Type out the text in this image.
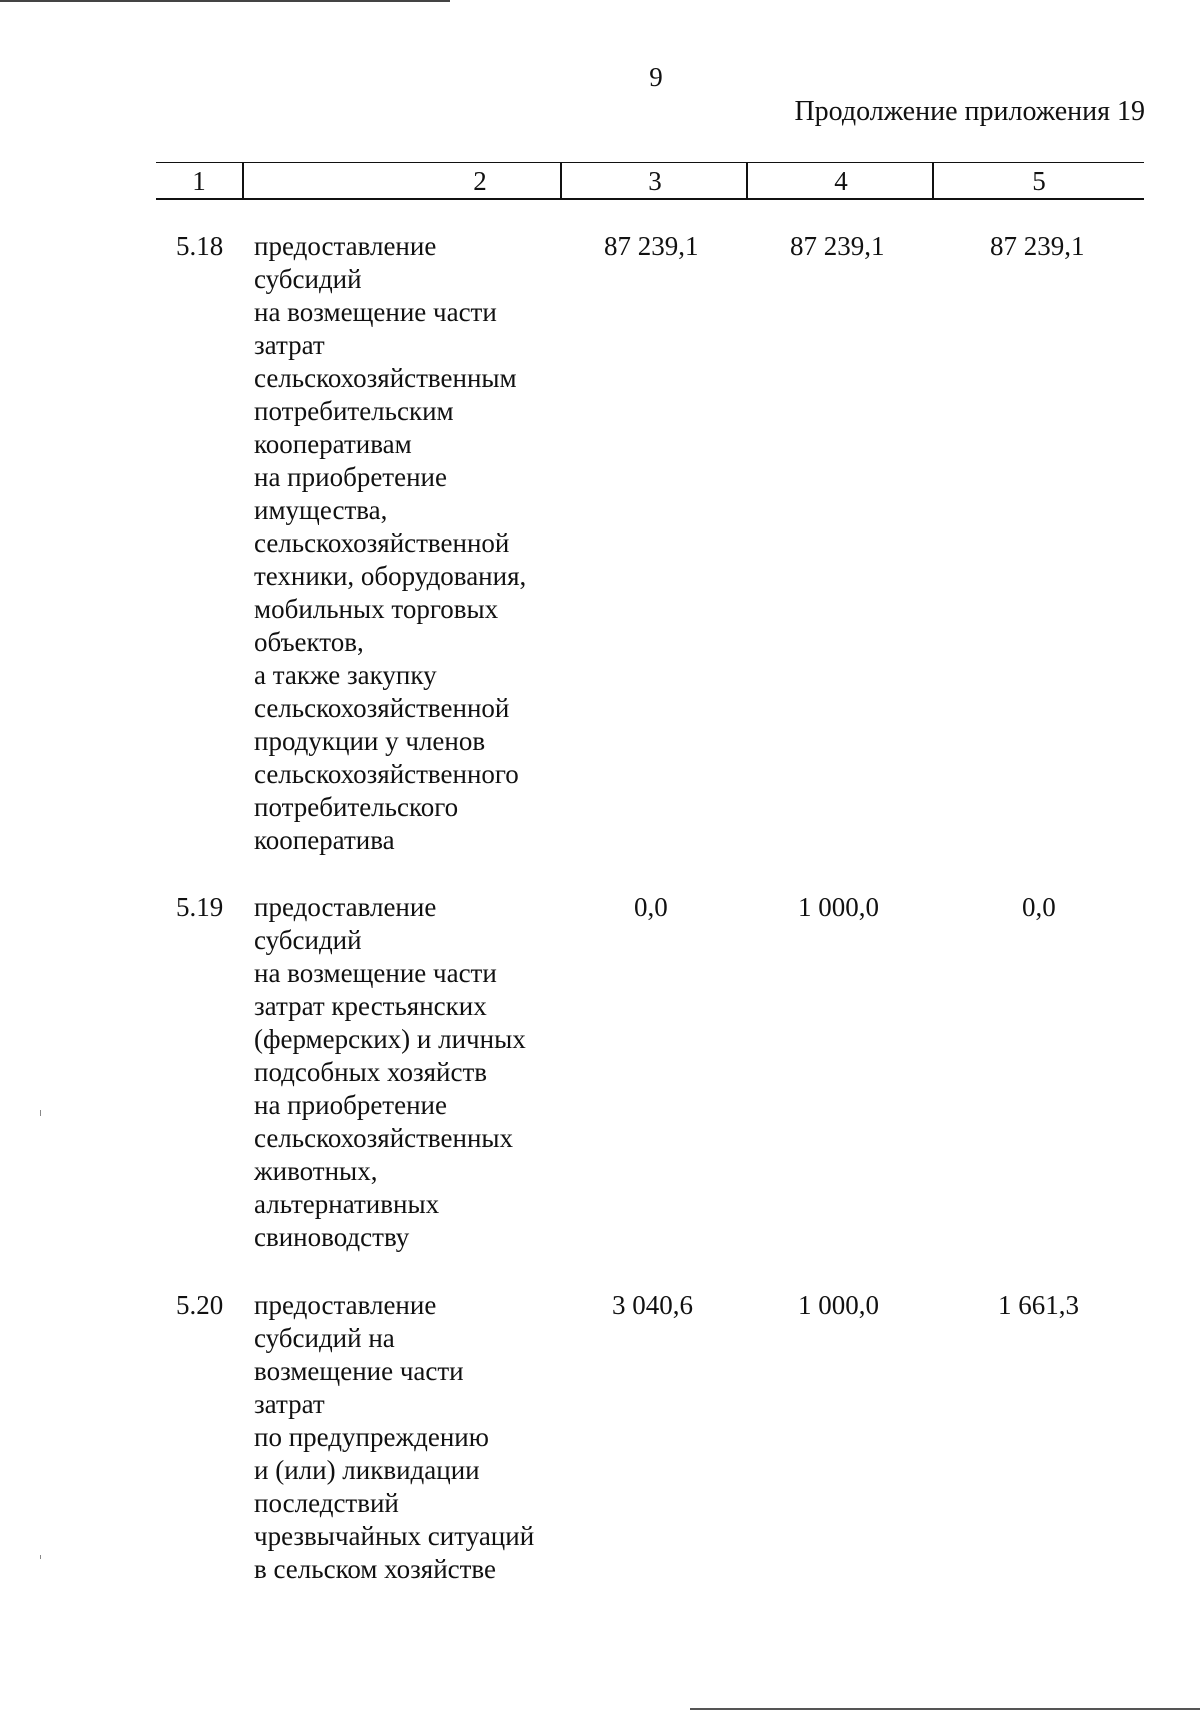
9
Продолжение приложения 19
1	2	3	4	5
5.18 предоставление
субсидий
на возмещение части
затрат
сельскохозяйственным
потребительским
кооперативам
на приобретение
имущества,
сельскохозяйственной
техники, оборудования,
мобильных торговых
объектов,
а также закупку
сельскохозяйственной
продукции у членов
сельскохозяйственного
потребительского
кооператива
87 239,1	87 239,1	87 239,1
5.19 предоставление
субсидий
на возмещение части
затрат крестьянских
(фермерских) и личных
подсобных хозяйств
на приобретение
сельскохозяйственных
животных,
альтернативных
свиноводству
0,0	1 000,0	0,0
5.20 предоставление
субсидий на
возмещение части
затрат
по предупреждению
и (или) ликвидации
последствий
чрезвычайных ситуаций
в сельском хозяйстве
3 040,6	1 000,0	1 661,3
